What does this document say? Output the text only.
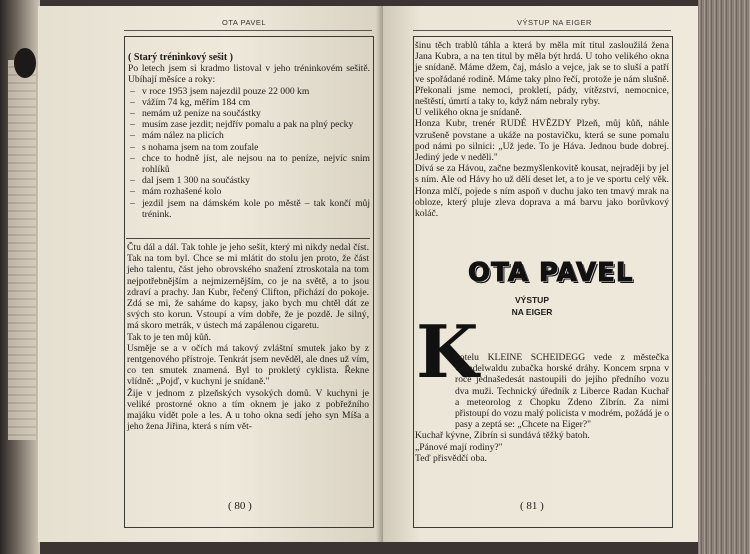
OTA PAVEL

( Starý tréninkový sešit )

Po letech jsem si kradmo listoval v jeho tréninkovém sešitě. Ubíhají měsíce a roky:

– v roce 1953 jsem najezdil pouze 22 000 km
– vážím 74 kg, měřím 184 cm
– nemám už peníze na součástky
– musím zase jezdit; nejdřív pomalu a pak na plný pecky
– mám nález na plicích
– s nohama jsem na tom zoufale
– chce to hodně jíst, ale nejsou na to peníze, nejvíc snim rohlíků
– dal jsem 1 300 na součástky
– mám rozhašené kolo
– jezdil jsem na dámském kole po městě – tak končí můj trénink.

Čtu dál a dál. Tak tohle je jeho sešit, který mi nikdy nedal číst. Tak na tom byl. Chce se mi mlátit do stolu jen proto, že část jeho talentu, část jeho obrovského snažení ztroskotala na tom nejpotřebnějším a nejmizernějším, co je na světě, a to jsou zdraví a prachy. Jan Kubr, řečený Clifton, přichází do pokoje. Zdá se mi, že saháme do kapsy, jako bych mu chtěl dát ze svých sto korun. Vstoupí a vím dobře, že je pozdě. Je silný, má skoro metrák, v ústech má zapálenou cigaretu.

Tak to je ten můj kůň.

Usměje se a v očích má takový zvláštní smutek jako by z rentgenového přístroje. Tenkrát jsem nevěděl, ale dnes už vím, co ten smutek znamená. Byl to prokletý cyklista. Řekne vlídně: „Pojď, v kuchyni je snídaně."

Žije v jednom z plzeňských vysokých domů. V kuchyni je veliké prostorné okno a tím oknem je jako z pobřežního majáku vidět pole a les. A u toho okna sedí jeho syn Míša a jeho žena Jiřina, která s ním vět-

( 80 )
VÝSTUP NA EIGER

šinu těch trablů táhla a která by měla mít titul zasloužilá žena Jana Kubra, a na ten titul by měla být hrdá. U toho velikého okna je snídaně. Máme džem, čaj, máslo a vejce, jak se to sluší a patří ve spořádané rodině. Máme taky plno řečí, protože je nám slušně. Překonali jsme nemoci, prokletí, pády, vítězství, nemocnice, neštěstí, úmrtí a taky to, když nám nebraly ryby.

U velikého okna je snídaně.

Honza Kubr, trenér RUDÉ HVĚZDY Plzeň, můj kůň, náhle vzrušeně povstane a ukáže na postavičku, která se sune pomalu pod námi po silnici: „Už jede. To je Háva. Jednou bude dobrej. Jediný jede v neděli."

Dívá se za Hávou, začne bezmyšlenkovitě kousat, nejraději by jel s ním. Ale od Hávy ho už dělí deset let, a to je ve sportu celý věk. Honza mlčí, pojede s ním aspoň v duchu jako ten tmavý mrak na obloze, který pluje zleva doprava a má barvu jako borůvkový koláč.

OTA PAVEL
VÝSTUP
NA EIGER
K

hotelu KLEINE SCHEIDEGG vede z městečka Grindelwaldu zubačka horské dráhy. Koncem srpna v roce jednašedesát nastoupili do jejího předního vozu dva muži. Technický úředník z Liberce Radan Kuchař a meteorolog z Chopku Zdeno Zibrín. Za nimi přistoupí do vozu malý policista v modrém, požádá je o pasy a zeptá se: „Chcete na Eiger?"

Kuchař kývne, Zibrín si sundává těžký batoh.

„Pánové mají rodiny?"

Teď přisvědčí oba.

( 81 )
